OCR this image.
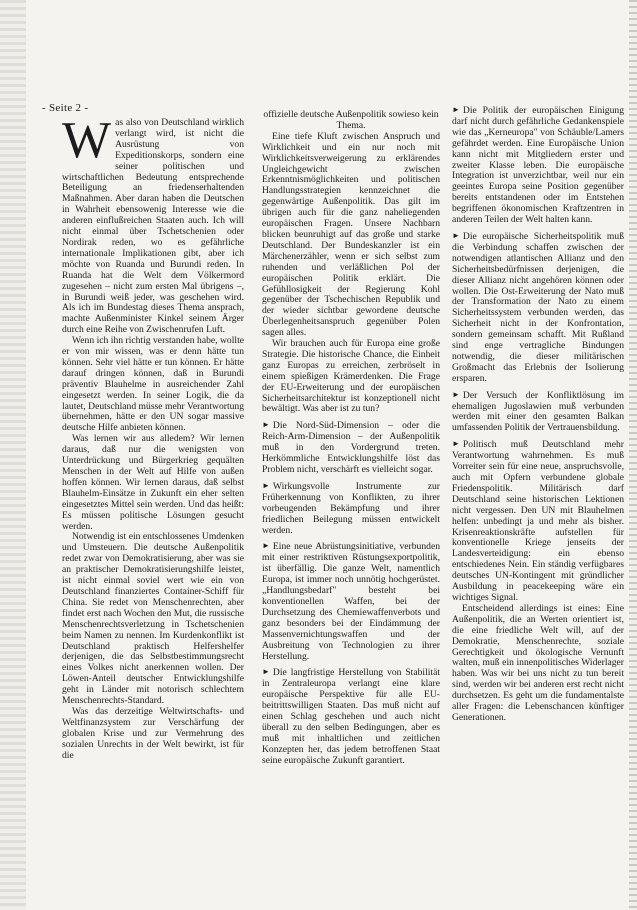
- Seite 2 -

Was also von Deutschland wirklich verlangt wird, ist nicht die Ausrüstung von Expeditionskorps, sondern eine seiner politischen und wirtschaftlichen Bedeutung entsprechende Beteiligung an friedenserhaltenden Maßnahmen. Aber daran haben die Deutschen in Wahrheit ebensowenig Interesse wie die anderen einflußreichen Staaten auch. Ich will nicht einmal über Tschetschenien oder Nordirak reden, wo es gefährliche internationale Implikationen gibt, aber ich möchte von Ruanda und Burundi reden. In Ruanda hat die Welt dem Völkermord zugesehen – nicht zum ersten Mal übrigens –, in Burundi weiß jeder, was geschehen wird. Als ich im Bundestag dieses Thema ansprach, machte Außenminister Kinkel seinem Ärger durch eine Reihe von Zwischenrufen Luft.

Wenn ich ihn richtig verstanden habe, wollte er von mir wissen, was er denn hätte tun können. Sehr viel hätte er tun können. Er hätte darauf dringen können, daß in Burundi präventiv Blauhelme in ausreichender Zahl eingesetzt werden. In seiner Logik, die da lautet, Deutschland müsse mehr Verantwortung übernehmen, hätte er den UN sogar massive deutsche Hilfe anbieten können.

Was lernen wir aus alledem? Wir lernen daraus, daß nur die wenigsten von Unterdrückung und Bürgerkrieg gequälten Menschen in der Welt auf Hilfe von außen hoffen können. Wir lernen daraus, daß selbst Blauhelm-Einsätze in Zukunft ein eher selten eingesetztes Mittel sein werden. Und das heißt: Es müssen politische Lösungen gesucht werden.

Notwendig ist ein entschlossenes Umdenken und Umsteuern. Die deutsche Außenpolitik redet zwar von Demokratisierung, aber was sie an praktischer Demokratisierungshilfe leistet, ist nicht einmal soviel wert wie ein von Deutschland finanziertes Container-Schiff für China. Sie redet von Menschenrechten, aber findet erst nach Wochen den Mut, die russische Menschenrechtsverletzung in Tschetschenien beim Namen zu nennen. Im Kurdenkonflikt ist Deutschland praktisch Helfershelfer derjenigen, die das Selbstbestimmungsrecht eines Volkes nicht anerkennen wollen. Der Löwen-Anteil deutscher Entwicklungshilfe geht in Länder mit notorisch schlechtem Menschenrechts-Standard.

Was das derzeitige Weltwirtschafts- und Weltfinanzsystem zur Verschärfung der globalen Krise und zur Vermehrung des sozialen Unrechts in der Welt bewirkt, ist für die

offizielle deutsche Außenpolitik sowieso kein Thema.

Eine tiefe Kluft zwischen Anspruch und Wirklichkeit und ein nur noch mit Wirklichkeitsverweigerung zu erklärendes Ungleichgewicht zwischen Erkenntnismöglichkeiten und politischen Handlungsstrategien kennzeichnet die gegenwärtige Außenpolitik. Das gilt im übrigen auch für die ganz naheliegenden europäischen Fragen. Unsere Nachbarn blicken beunruhigt auf das große und starke Deutschland. Der Bundeskanzler ist ein Märchenerzähler, wenn er sich selbst zum ruhenden und verläßlichen Pol der europäischen Politik erklärt. Die Gefühllosigkeit der Regierung Kohl gegenüber der Tschechischen Republik und der wieder sichtbar gewordene deutsche Überlegenheitsanspruch gegenüber Polen sagen alles.

Wir brauchen auch für Europa eine große Strategie. Die historische Chance, die Einheit ganz Europas zu erreichen, zerbröselt in einem spießigen Krämerdenken. Die Frage der EU-Erweiterung und der europäischen Sicherheitsarchitektur ist konzeptionell nicht bewältigt. Was aber ist zu tun?

► Die Nord-Süd-Dimension – oder die Reich-Arm-Dimension – der Außenpolitik muß in den Vordergrund treten. Herkömmliche Entwicklungshilfe löst das Problem nicht, verschärft es vielleicht sogar.

► Wirkungsvolle Instrumente zur Früherkennung von Konflikten, zu ihrer vorbeugenden Bekämpfung und ihrer friedlichen Beilegung müssen entwickelt werden.

► Eine neue Abrüstungsinitiative, verbunden mit einer restriktiven Rüstungsexportpolitik, ist überfällig. Die ganze Welt, namentlich Europa, ist immer noch unnötig hochgerüstet. „Handlungsbedarf" besteht bei konventionellen Waffen, bei der Durchsetzung des Chemiewaffenverbots und ganz besonders bei der Eindämmung der Massenvernichtungswaffen und der Ausbreitung von Technologien zu ihrer Herstellung.

► Die langfristige Herstellung von Stabilität in Zentraleuropa verlangt eine klare europäische Perspektive für alle EU-beitrittswilligen Staaten. Das muß nicht auf einen Schlag geschehen und auch nicht überall zu den selben Bedingungen, aber es muß mit inhaltlichen und zeitlichen Konzepten her, das jedem betroffenen Staat seine europäische Zukunft garantiert.

► Die Politik der europäischen Einigung darf nicht durch gefährliche Gedankenspiele wie das „Kerneuropa" von Schäuble/Lamers gefährdet werden. Eine Europäische Union kann nicht mit Mitgliedern erster und zweiter Klasse leben. Die europäische Integration ist unverzichtbar, weil nur ein geeintes Europa seine Position gegenüber bereits entstandenen oder im Entstehen begriffenen ökonomischen Kraftzentren in anderen Teilen der Welt halten kann.

► Die europäische Sicherheitspolitik muß die Verbindung schaffen zwischen der notwendigen atlantischen Allianz und den Sicherheitsbedürfnissen derjenigen, die dieser Allianz nicht angehören können oder wollen. Die Ost-Erweiterung der Nato muß der Transformation der Nato zu einem Sicherheitssystem verbunden werden, das Sicherheit nicht in der Konfrontation, sondern gemeinsam schafft. Mit Rußland sind enge vertragliche Bindungen notwendig, die dieser militärischen Großmacht das Erlebnis der Isolierung ersparen.

► Der Versuch der Konfliktlösung im ehemaligen Jugoslawien muß verbunden werden mit einer den gesamten Balkan umfassenden Politik der Vertrauensbildung.

► Politisch muß Deutschland mehr Verantwortung wahrnehmen. Es muß Vorreiter sein für eine neue, anspruchsvolle, auch mit Opfern verbundene globale Friedenspolitik. Militärisch darf Deutschland seine historischen Lektionen nicht vergessen. Den UN mit Blauhelmen helfen: unbedingt ja und mehr als bisher. Krisenreaktionskräfte aufstellen für konventionelle Kriege jenseits der Landesverteidigung: ein ebenso entschiedenes Nein. Ein ständig verfügbares deutsches UN-Kontingent mit gründlicher Ausbildung in peacekeeping wäre ein wichtiges Signal.

Entscheidend allerdings ist eines: Eine Außenpolitik, die an Werten orientiert ist, die eine friedliche Welt will, auf der Demokratie, Menschenrechte, soziale Gerechtigkeit und ökologische Vernunft walten, muß ein innenpolitisches Widerlager haben. Was wir bei uns nicht zu tun bereit sind, werden wir bei anderen erst recht nicht durchsetzen. Es geht um die fundamentalste aller Fragen: die Lebenschancen künftiger Generationen.
